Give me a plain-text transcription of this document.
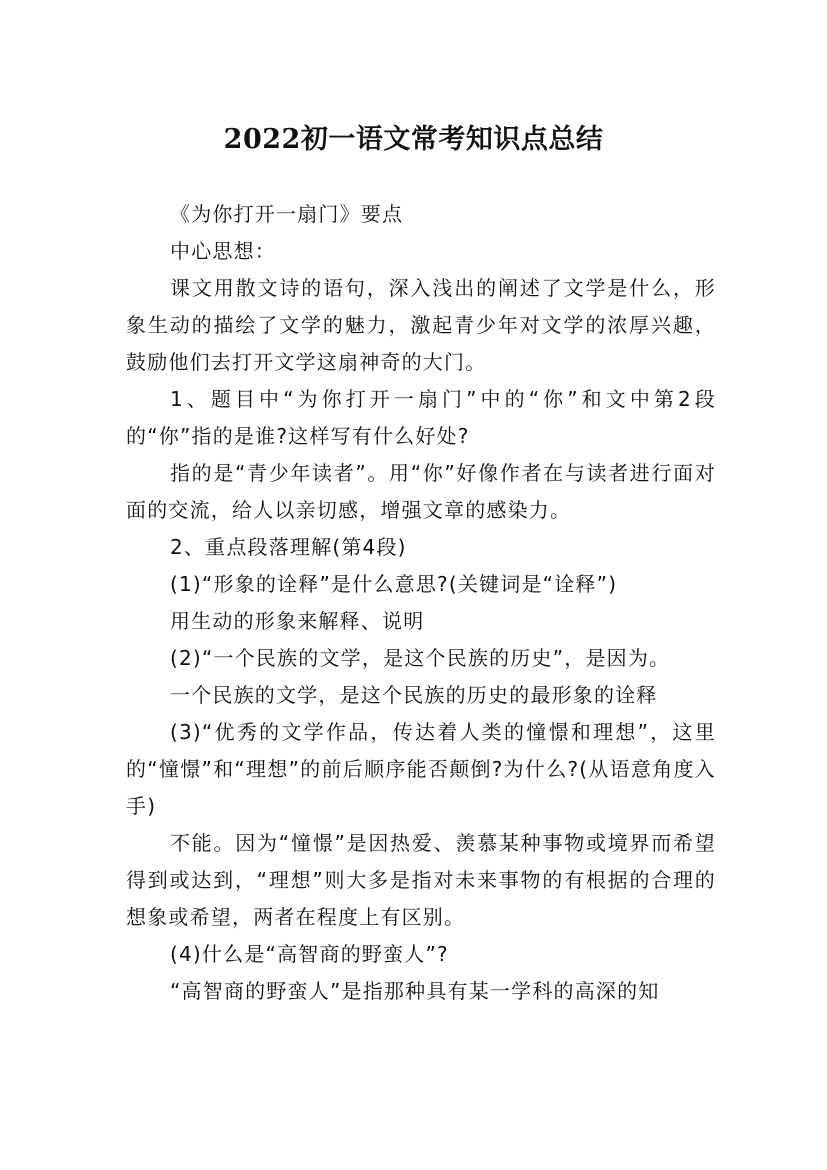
2022初一语文常考知识点总结

《为你打开一扇门》要点

中心思想：

课文用散文诗的语句，深入浅出的阐述了文学是什么，形象生动的描绘了文学的魅力，激起青少年对文学的浓厚兴趣，鼓励他们去打开文学这扇神奇的大门。

1、题目中“为你打开一扇门”中的“你”和文中第2段的“你”指的是谁?这样写有什么好处?

指的是“青少年读者”。用“你”好像作者在与读者进行面对面的交流，给人以亲切感，增强文章的感染力。

2、重点段落理解(第4段)

(1)“形象的诠释”是什么意思?(关键词是“诠释”)

用生动的形象来解释、说明

(2)“一个民族的文学，是这个民族的历史”，是因为。

一个民族的文学，是这个民族的历史的最形象的诠释

(3)“优秀的文学作品，传达着人类的憧憬和理想”，这里的“憧憬”和“理想”的前后顺序能否颠倒?为什么?(从语意角度入手)

不能。因为“憧憬”是因热爱、羡慕某种事物或境界而希望得到或达到，“理想”则大多是指对未来事物的有根据的合理的想象或希望，两者在程度上有区别。

(4)什么是“高智商的野蛮人”?

“高智商的野蛮人”是指那种具有某一学科的高深的知
